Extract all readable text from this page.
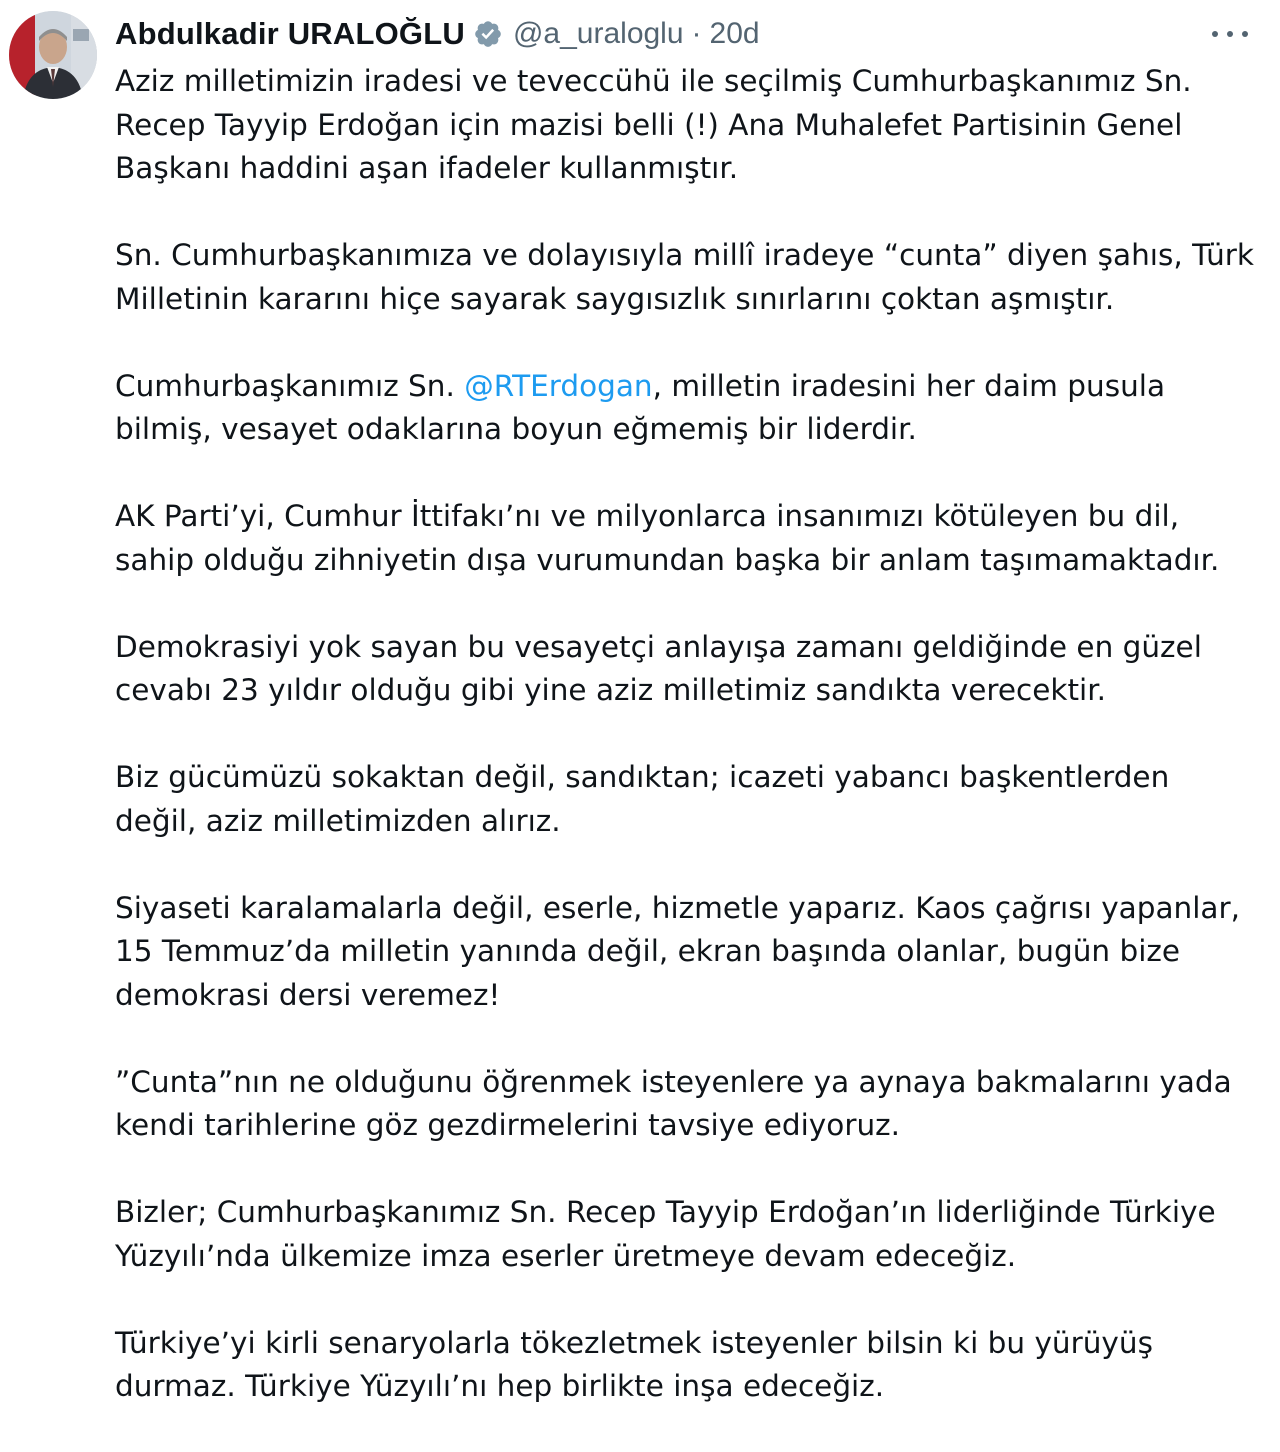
Abdulkadir URALOĞLU @a_uraloglu · 20d

Aziz milletimizin iradesi ve teveccühü ile seçilmiş Cumhurbaşkanımız Sn.
Recep Tayyip Erdoğan için mazisi belli (!) Ana Muhalefet Partisinin Genel
Başkanı haddini aşan ifadeler kullanmıştır.

Sn. Cumhurbaşkanımıza ve dolayısıyla millî iradeye “cunta” diyen şahıs, Türk
Milletinin kararını hiçe sayarak saygısızlık sınırlarını çoktan aşmıştır.

Cumhurbaşkanımız Sn. @RTErdogan, milletin iradesini her daim pusula
bilmiş, vesayet odaklarına boyun eğmemiş bir liderdir.

AK Parti’yi, Cumhur İttifakı’nı ve milyonlarca insanımızı kötüleyen bu dil,
sahip olduğu zihniyetin dışa vurumundan başka bir anlam taşımamaktadır.

Demokrasiyi yok sayan bu vesayetçi anlayışa zamanı geldiğinde en güzel
cevabı 23 yıldır olduğu gibi yine aziz milletimiz sandıkta verecektir.

Biz gücümüzü sokaktan değil, sandıktan; icazeti yabancı başkentlerden
değil, aziz milletimizden alırız.

Siyaseti karalamalarla değil, eserle, hizmetle yaparız. Kaos çağrısı yapanlar,
15 Temmuz’da milletin yanında değil, ekran başında olanlar, bugün bize
demokrasi dersi veremez!

”Cunta”nın ne olduğunu öğrenmek isteyenlere ya aynaya bakmalarını yada
kendi tarihlerine göz gezdirmelerini tavsiye ediyoruz.

Bizler; Cumhurbaşkanımız Sn. Recep Tayyip Erdoğan’ın liderliğinde Türkiye
Yüzyılı’nda ülkemize imza eserler üretmeye devam edeceğiz.

Türkiye’yi kirli senaryolarla tökezletmek isteyenler bilsin ki bu yürüyüş
durmaz. Türkiye Yüzyılı’nı hep birlikte inşa edeceğiz.
